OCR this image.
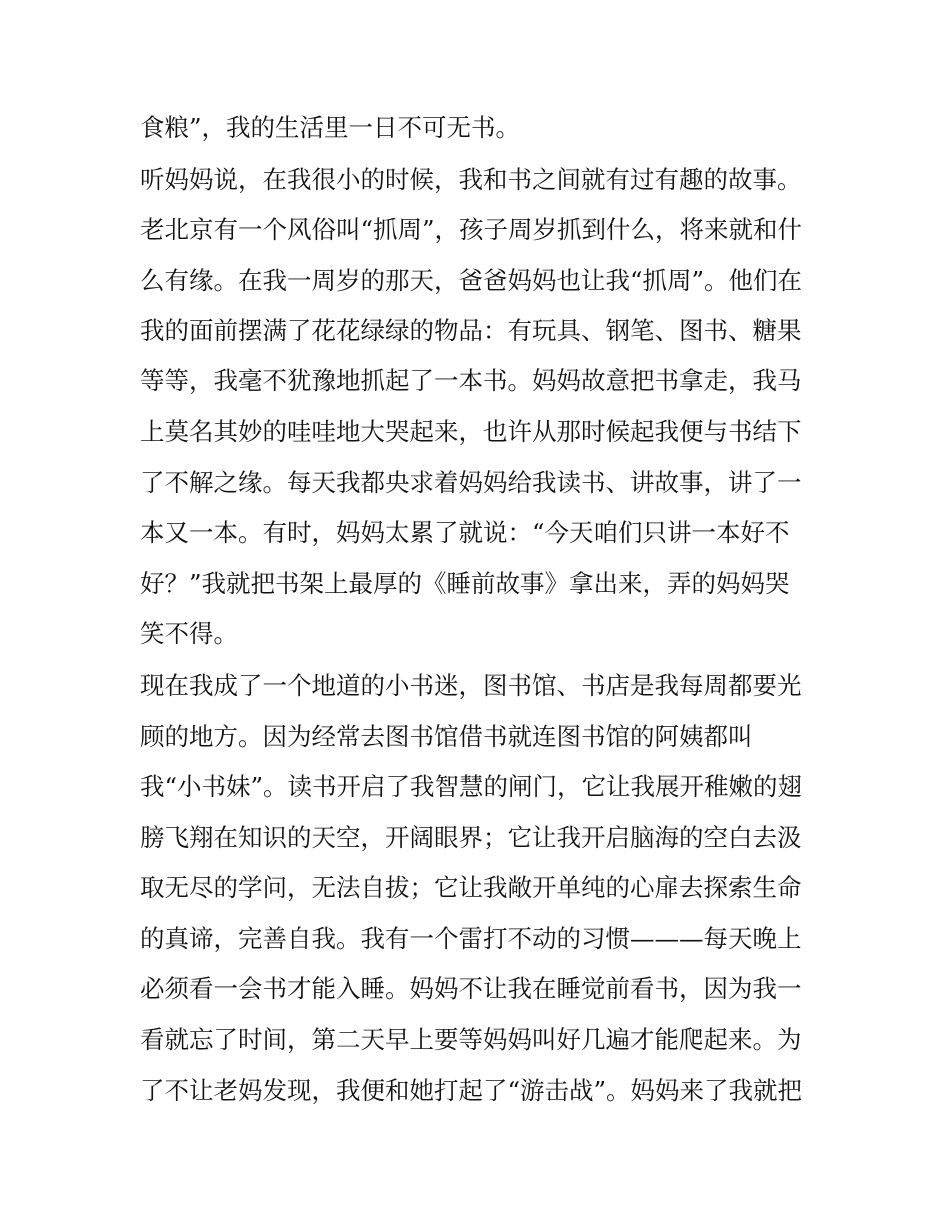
食粮”，我的生活里一日不可无书。
听妈妈说，在我很小的时候，我和书之间就有过有趣的故事。
老北京有一个风俗叫“抓周”，孩子周岁抓到什么，将来就和什
么有缘。在我一周岁的那天，爸爸妈妈也让我“抓周”。他们在
我的面前摆满了花花绿绿的物品：有玩具、钢笔、图书、糖果
等等，我毫不犹豫地抓起了一本书。妈妈故意把书拿走，我马
上莫名其妙的哇哇地大哭起来，也许从那时候起我便与书结下
了不解之缘。每天我都央求着妈妈给我读书、讲故事，讲了一
本又一本。有时，妈妈太累了就说：“今天咱们只讲一本好不
好？”我就把书架上最厚的《睡前故事》拿出来，弄的妈妈哭
笑不得。
现在我成了一个地道的小书迷，图书馆、书店是我每周都要光
顾的地方。因为经常去图书馆借书就连图书馆的阿姨都叫
我“小书妹”。读书开启了我智慧的闸门，它让我展开稚嫩的翅
膀飞翔在知识的天空，开阔眼界；它让我开启脑海的空白去汲
取无尽的学问，无法自拔；它让我敞开单纯的心扉去探索生命
的真谛，完善自我。我有一个雷打不动的习惯———每天晚上
必须看一会书才能入睡。妈妈不让我在睡觉前看书，因为我一
看就忘了时间，第二天早上要等妈妈叫好几遍才能爬起来。为
了不让老妈发现，我便和她打起了“游击战”。妈妈来了我就把
